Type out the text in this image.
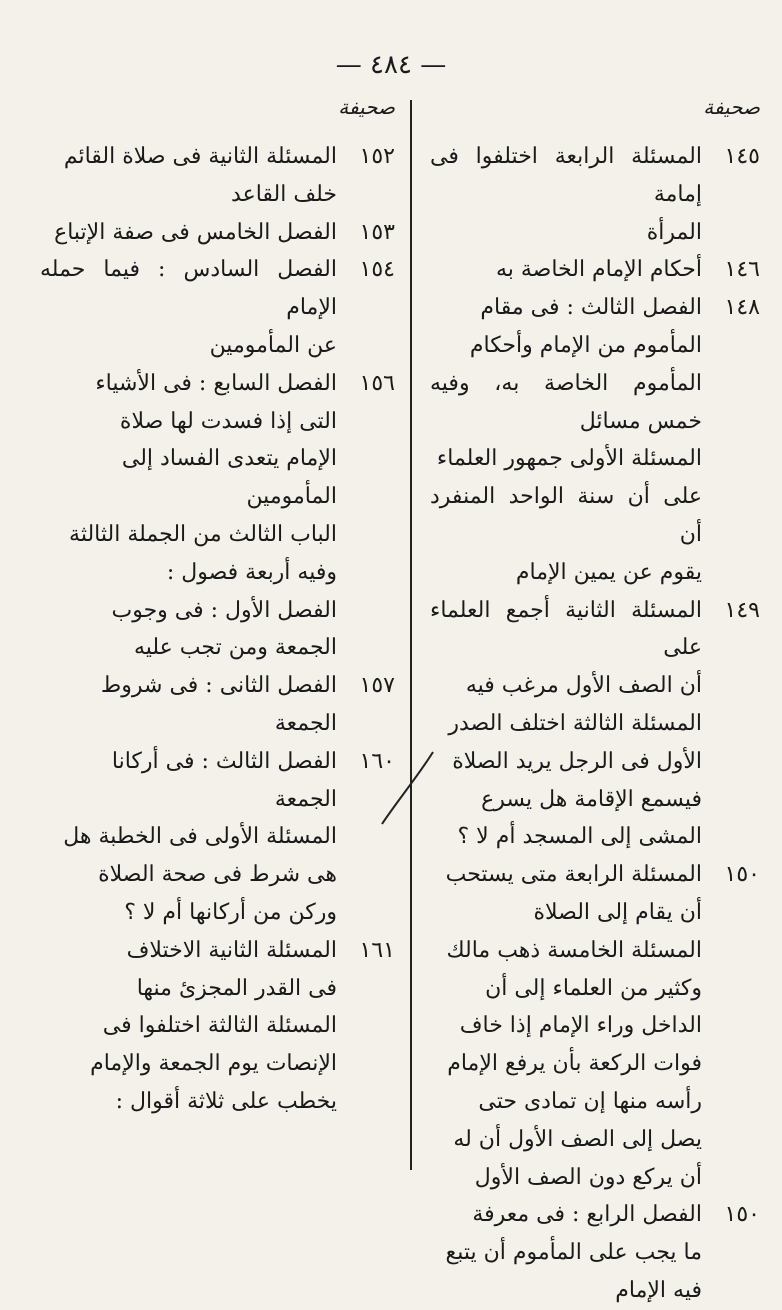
— ٤٨٤ —
صحيفة
١٤٥
المسئلة الرابعة اختلفوا فى إمامة
المرأة
١٤٦
أحكام الإمام الخاصة به
١٤٨
الفصل الثالث : فى مقام
المأموم من الإمام وأحكام
المأموم الخاصة به، وفيه خمس مسائل
المسئلة الأولى جمهور العلماء
على أن سنة الواحد المنفرد أن
يقوم عن يمين الإمام
١٤٩
المسئلة الثانية أجمع العلماء على
أن الصف الأول مرغب فيه
المسئلة الثالثة اختلف الصدر
الأول فى الرجل يريد الصلاة
فيسمع الإقامة هل يسرع
المشى إلى المسجد أم لا ؟
١٥٠
المسئلة الرابعة متى يستحب
أن يقام إلى الصلاة
المسئلة الخامسة ذهب مالك
وكثير من العلماء إلى أن
الداخل وراء الإمام إذا خاف
فوات الركعة بأن يرفع الإمام
رأسه منها إن تمادى حتى
يصل إلى الصف الأول أن له
أن يركع دون الصف الأول
١٥٠
الفصل الرابع : فى معرفة
ما يجب على المأموم أن يتبع
فيه الإمام
صحيفة
١٥٢
المسئلة الثانية فى صلاة القائم
خلف القاعد
١٥٣
الفصل الخامس فى صفة الإتباع
١٥٤
الفصل السادس : فيما حمله الإمام
عن المأمومين
١٥٦
الفصل السابع : فى الأشياء
التى إذا فسدت لها صلاة
الإمام يتعدى الفساد إلى
المأمومين
الباب الثالث من الجملة الثالثة
وفيه أربعة فصول :
الفصل الأول : فى وجوب
الجمعة ومن تجب عليه
١٥٧
الفصل الثانى : فى شروط
الجمعة
١٦٠
الفصل الثالث : فى أركانا
الجمعة
المسئلة الأولى فى الخطبة هل
هى شرط فى صحة الصلاة
وركن من أركانها أم لا ؟
١٦١
المسئلة الثانية الاختلاف
فى القدر المجزئ منها
المسئلة الثالثة اختلفوا فى
الإنصات يوم الجمعة والإمام
يخطب على ثلاثة أقوال :
